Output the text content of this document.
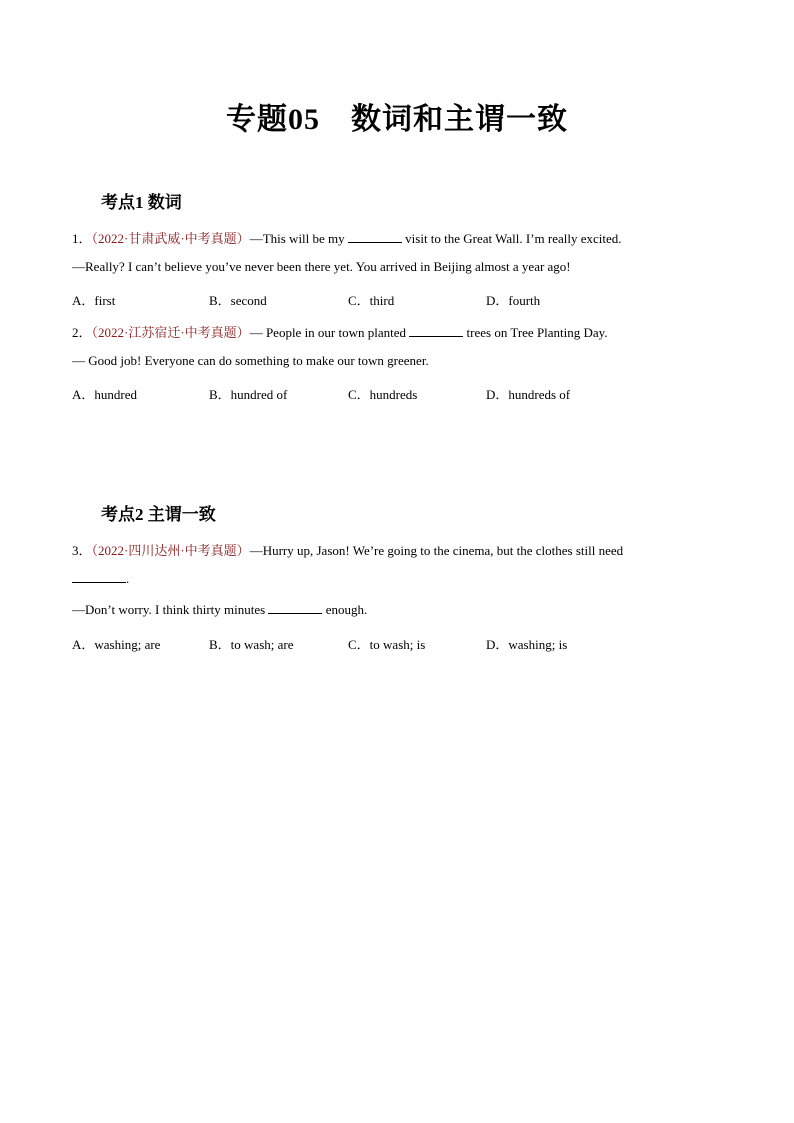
专题05　数词和主谓一致
考点1 数词
1．（2022·甘肃武威·中考真题）—This will be my	visit to the Great Wall. I’m really excited.
—Really? I can’t believe you’ve never been there yet. You arrived in Beijing almost a year ago!
A．first	B．second	C．third	D．fourth
2．（2022·江苏宿迁·中考真题）— People in our town planted	trees on Tree Planting Day.
— Good job! Everyone can do something to make our town greener.
A．hundred	B．hundred of	C．hundreds	D．hundreds of
考点2 主谓一致
3．（2022·四川达州·中考真题）—Hurry up, Jason! We’re going to the cinema, but the clothes still need
.
—Don’t worry. I think thirty minutes	enough.
A．washing; are	B．to wash; are	C．to wash; is	D．washing; is
